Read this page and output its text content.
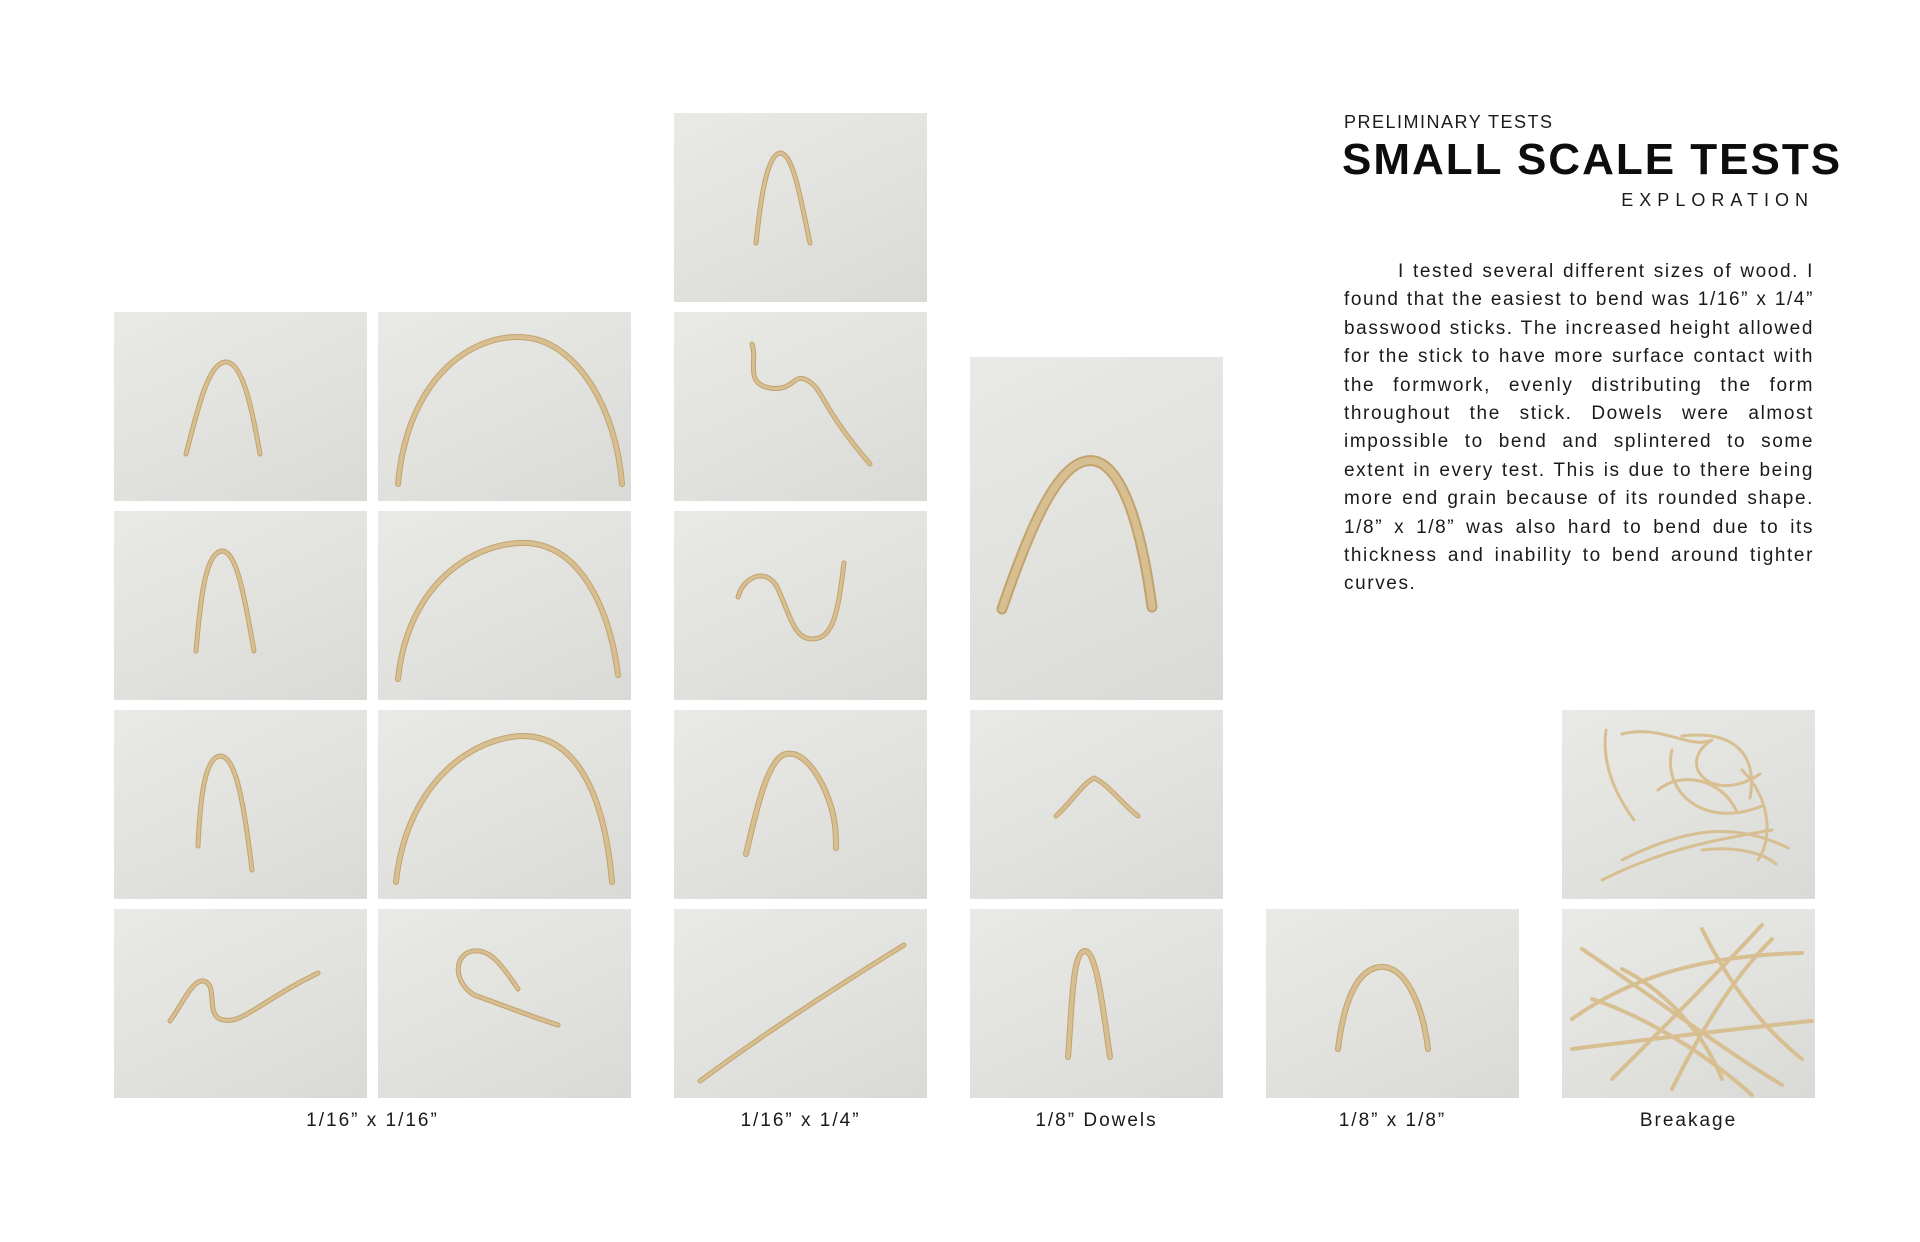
PRELIMINARY TESTS
SMALL SCALE TESTS
EXPLORATION
I tested several different sizes of wood. I found that the easiest to bend was 1/16” x 1/4” basswood sticks. The increased height allowed for the stick to have more surface contact with the formwork, evenly distributing the form throughout the stick. Dowels were almost impossible to bend and splintered to some extent in every test. This is due to there being more end grain because of its rounded shape. 1/8” x 1/8” was also hard to bend due to its thickness and inability to bend around tighter curves.
1/16” x 1/16”	1/16” x 1/4”	1/8” Dowels	1/8” x 1/8”	Breakage
